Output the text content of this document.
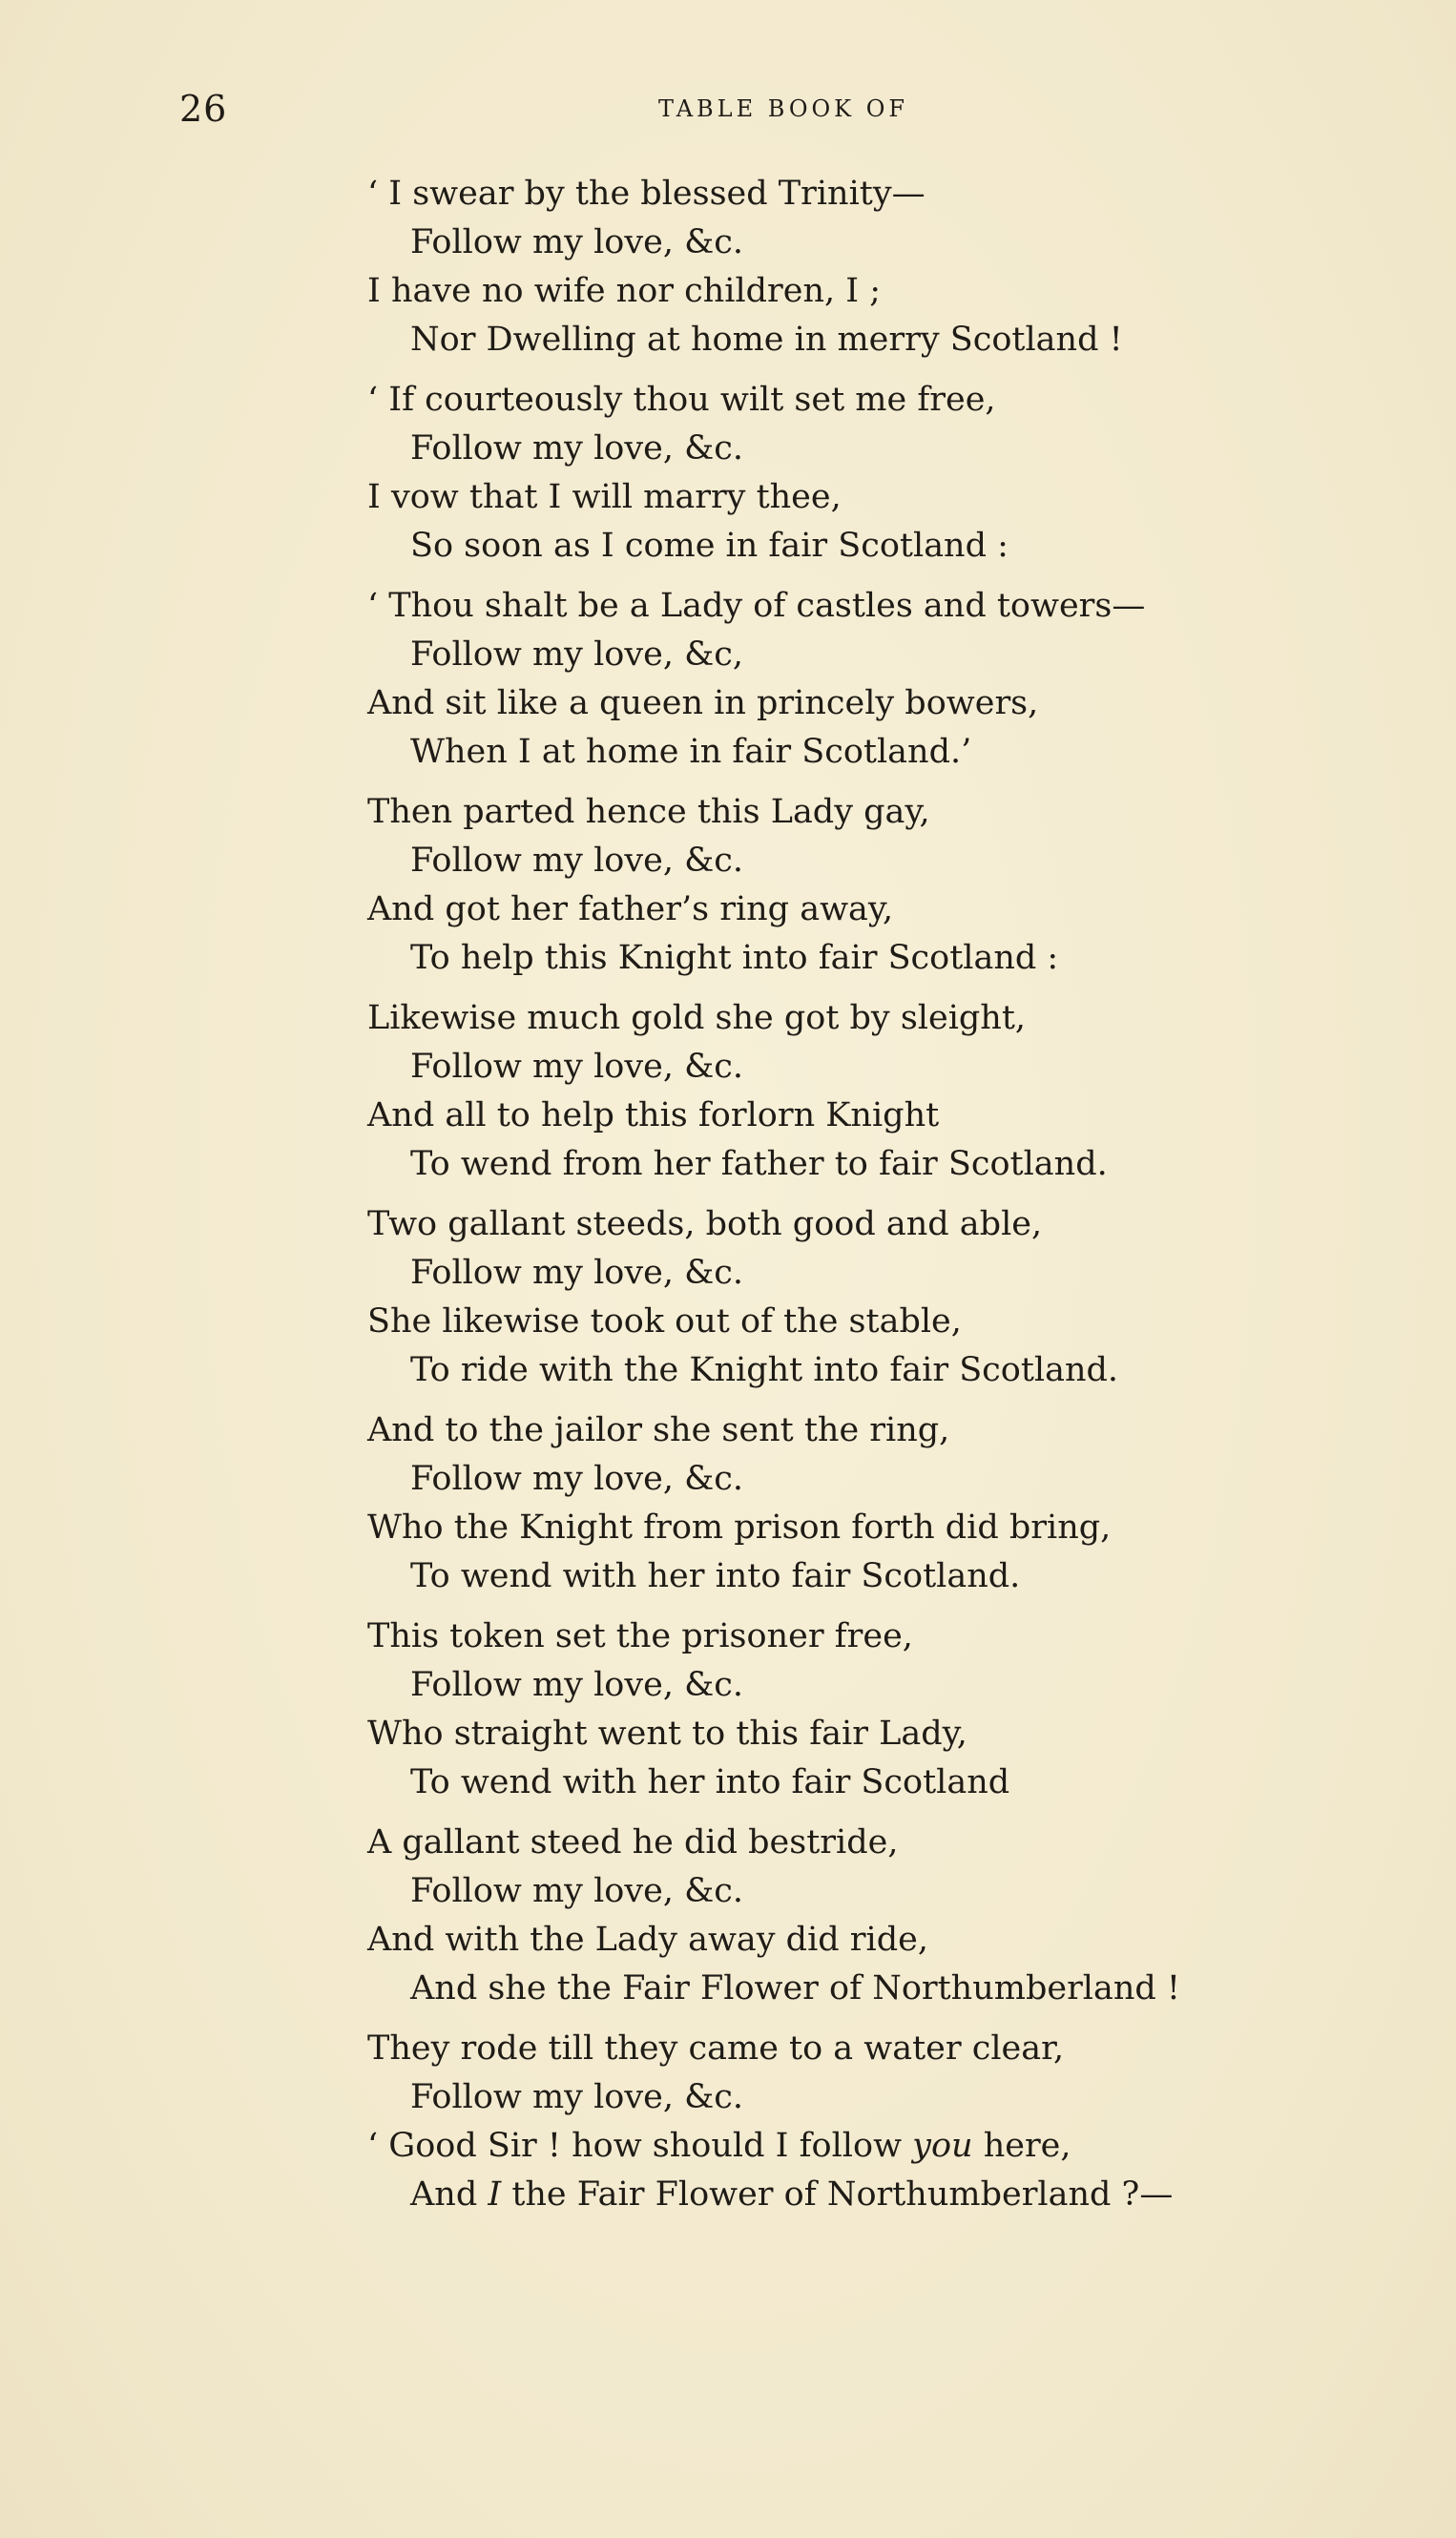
26	TABLE BOOK OF
‘ I swear by the blessed Trinity—
Follow my love, &c.
I have no wife nor children, I ;
Nor Dwelling at home in merry Scotland !
‘ If courteously thou wilt set me free,
Follow my love, &c.
I vow that I will marry thee,
So soon as I come in fair Scotland :
‘ Thou shalt be a Lady of castles and towers—
Follow my love, &c,
And sit like a queen in princely bowers,
When I at home in fair Scotland.’
Then parted hence this Lady gay,
Follow my love, &c.
And got her father’s ring away,
To help this Knight into fair Scotland :
Likewise much gold she got by sleight,
Follow my love, &c.
And all to help this forlorn Knight
To wend from her father to fair Scotland.
Two gallant steeds, both good and able,
Follow my love, &c.
She likewise took out of the stable,
To ride with the Knight into fair Scotland.
And to the jailor she sent the ring,
Follow my love, &c.
Who the Knight from prison forth did bring,
To wend with her into fair Scotland.
This token set the prisoner free,
Follow my love, &c.
Who straight went to this fair Lady,
To wend with her into fair Scotland
A gallant steed he did bestride,
Follow my love, &c.
And with the Lady away did ride,
And she the Fair Flower of Northumberland !
They rode till they came to a water clear,
Follow my love, &c.
‘ Good Sir ! how should I follow you here,
And I the Fair Flower of Northumberland ?—
